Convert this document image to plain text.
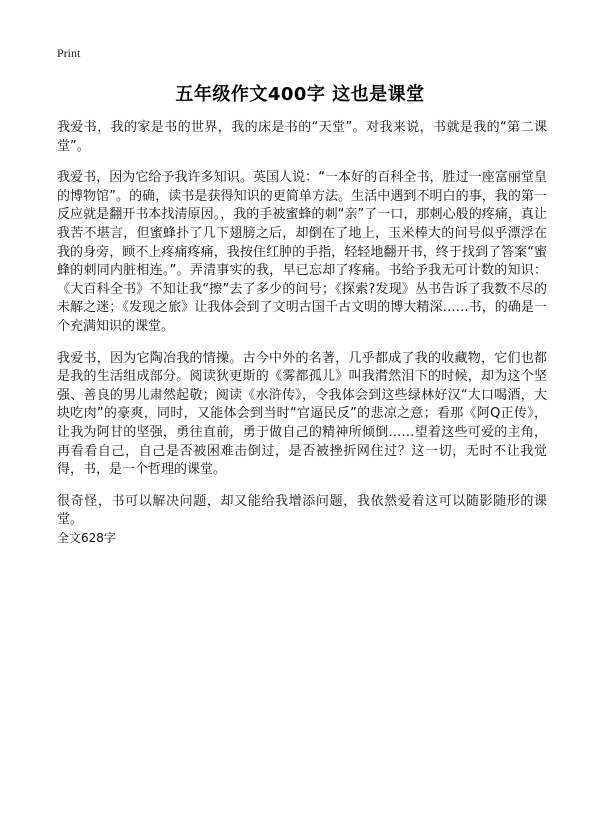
Print
五年级作文400字 这也是课堂

我爱书，我的家是书的世界，我的床是书的“天堂”。对我来说，书就是我的“第二课堂”。

我爱书，因为它给予我许多知识。英国人说：“一本好的百科全书，胜过一座富丽堂皇的博物馆”。的确，读书是获得知识的更简单方法。生活中遇到不明白的事，我的第一反应就是翻开书本找清原因。，我的手被蜜蜂的刺“亲”了一口，那刺心般的疼痛，真让我苦不堪言，但蜜蜂扑了几下翅膀之后，却倒在了地上，玉米棒大的问号似乎漂浮在我的身旁，顾不上疼痛疼痛，我按住红肿的手指，轻轻地翻开书，终于找到了答案“蜜蜂的刺同内脏相连。”。弄清事实的我，早已忘却了疼痛。书给予我无可计数的知识：《大百科全书》不知让我“擦”去了多少的问号；《探索?发现》丛书告诉了我数不尽的未解之迷；《发现之旅》让我体会到了文明古国千古文明的博大精深……书，的确是一个充满知识的课堂。

我爱书，因为它陶冶我的情操。古今中外的名著，几乎都成了我的收藏物，它们也都是我的生活组成部分。阅读狄更斯的《雾都孤儿》叫我潸然泪下的时候，却为这个坚强、善良的男儿肃然起敬；阅读《水浒传》，令我体会到这些绿林好汉“大口喝酒，大块吃肉”的豪爽，同时，又能体会到当时“官逼民反”的悲凉之意；看那《阿Q正传》，让我为阿甘的坚强，勇往直前，勇于做自己的精神所倾倒……望着这些可爱的主角，再看看自己，自己是否被困难击倒过，是否被挫折网住过？这一切，无时不让我觉得，书，是一个哲理的课堂。

很奇怪，书可以解决问题，却又能给我增添问题，我依然爱着这可以随影随形的课堂。

全文628字
